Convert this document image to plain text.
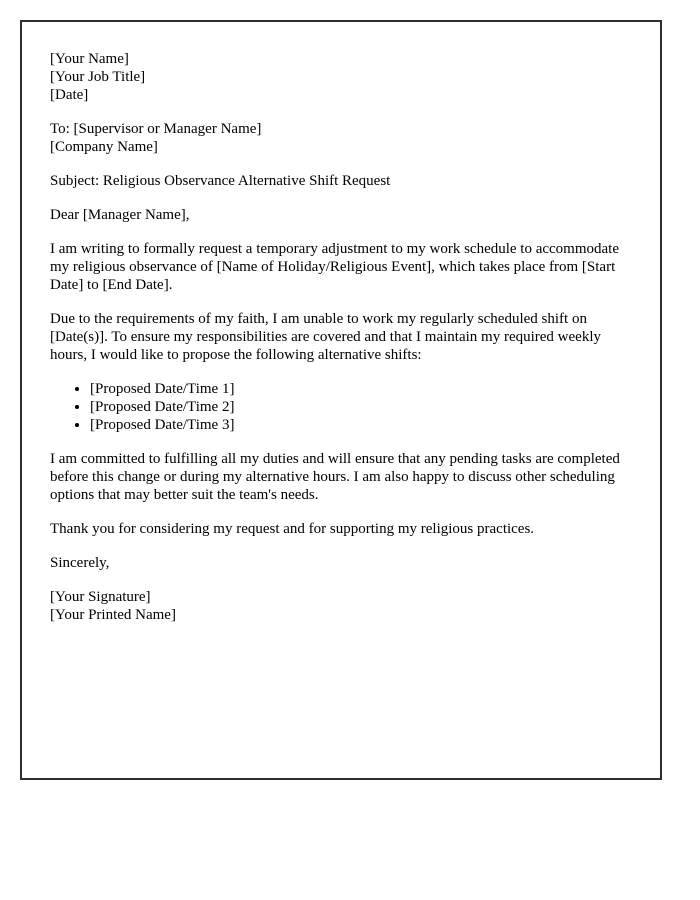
[Your Name]
[Your Job Title]
[Date]
To: [Supervisor or Manager Name]
[Company Name]
Subject: Religious Observance Alternative Shift Request
Dear [Manager Name],
I am writing to formally request a temporary adjustment to my work schedule to accommodate my religious observance of [Name of Holiday/Religious Event], which takes place from [Start Date] to [End Date].
Due to the requirements of my faith, I am unable to work my regularly scheduled shift on [Date(s)]. To ensure my responsibilities are covered and that I maintain my required weekly hours, I would like to propose the following alternative shifts:
• [Proposed Date/Time 1]
• [Proposed Date/Time 2]
• [Proposed Date/Time 3]
I am committed to fulfilling all my duties and will ensure that any pending tasks are completed before this change or during my alternative hours. I am also happy to discuss other scheduling options that may better suit the team's needs.
Thank you for considering my request and for supporting my religious practices.
Sincerely,
[Your Signature]
[Your Printed Name]
